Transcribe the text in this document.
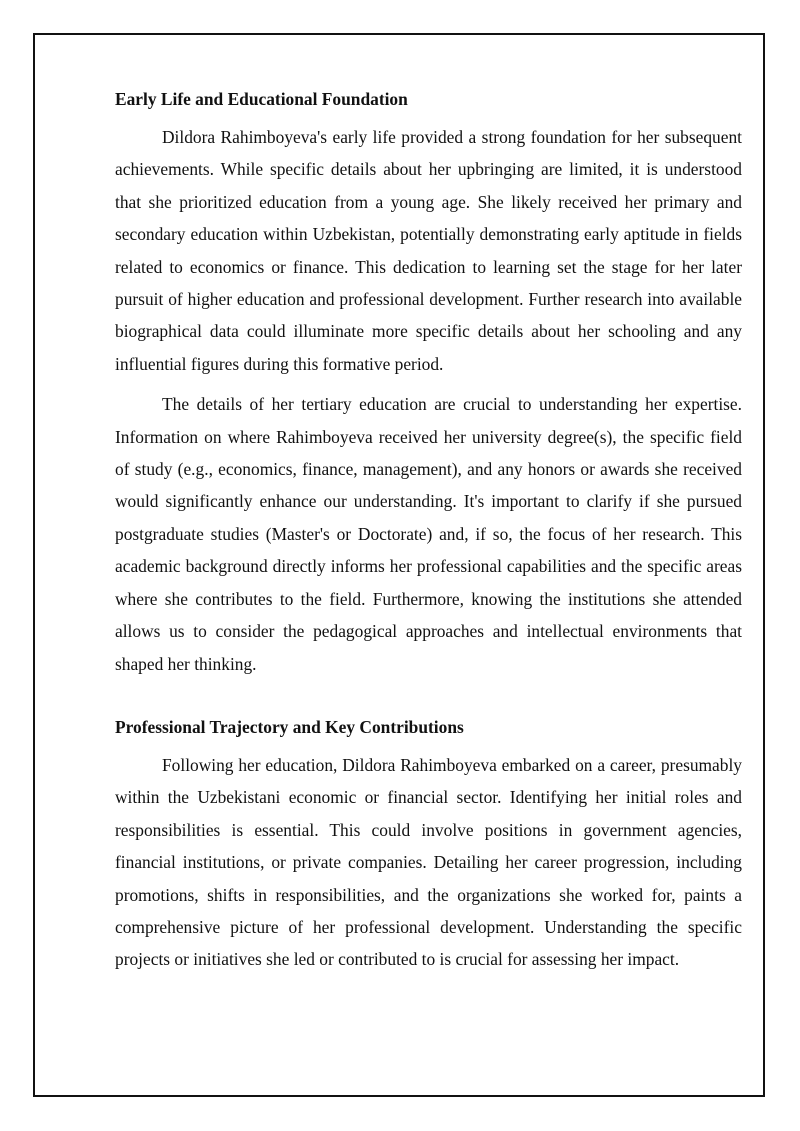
Early Life and Educational Foundation

Dildora Rahimboyeva's early life provided a strong foundation for her subsequent achievements. While specific details about her upbringing are limited, it is understood that she prioritized education from a young age. She likely received her primary and secondary education within Uzbekistan, potentially demonstrating early aptitude in fields related to economics or finance. This dedication to learning set the stage for her later pursuit of higher education and professional development. Further research into available biographical data could illuminate more specific details about her schooling and any influential figures during this formative period.

The details of her tertiary education are crucial to understanding her expertise. Information on where Rahimboyeva received her university degree(s), the specific field of study (e.g., economics, finance, management), and any honors or awards she received would significantly enhance our understanding. It's important to clarify if she pursued postgraduate studies (Master's or Doctorate) and, if so, the focus of her research. This academic background directly informs her professional capabilities and the specific areas where she contributes to the field. Furthermore, knowing the institutions she attended allows us to consider the pedagogical approaches and intellectual environments that shaped her thinking.

Professional Trajectory and Key Contributions

Following her education, Dildora Rahimboyeva embarked on a career, presumably within the Uzbekistani economic or financial sector. Identifying her initial roles and responsibilities is essential. This could involve positions in government agencies, financial institutions, or private companies. Detailing her career progression, including promotions, shifts in responsibilities, and the organizations she worked for, paints a comprehensive picture of her professional development. Understanding the specific projects or initiatives she led or contributed to is crucial for assessing her impact.
